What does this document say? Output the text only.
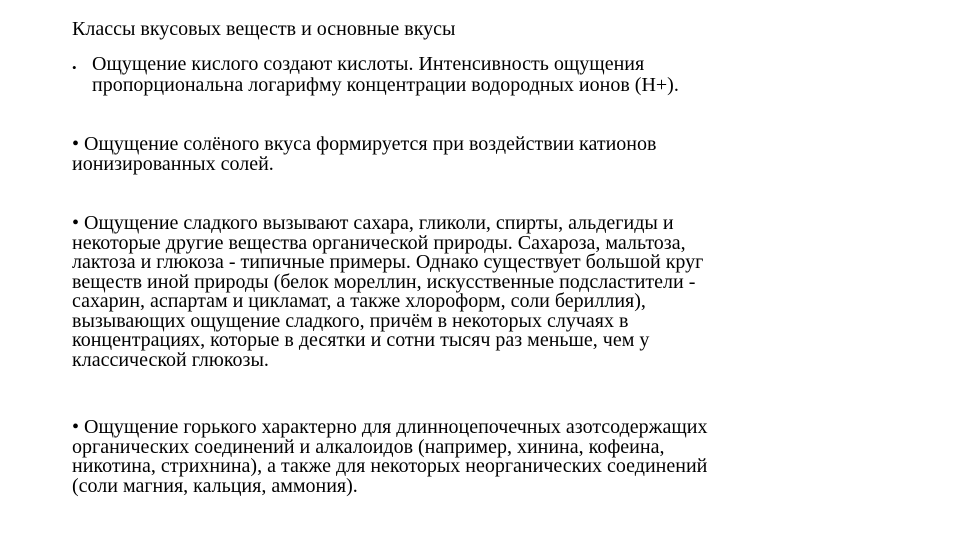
Классы вкусовых веществ и основные вкусы
• Ощущение кислого создают кислоты. Интенсивность ощущения
пропорциональна логарифму концентрации водородных ионов (H+).
• Ощущение солёного вкуса формируется при воздействии катионов
ионизированных солей.
• Ощущение сладкого вызывают сахара, гликоли, спирты, альдегиды и
некоторые другие вещества органической природы. Сахароза, мальтоза,
лактоза и глюкоза - типичные примеры. Однако существует большой круг
веществ иной природы (белок мореллин, искусственные подсластители -
сахарин, аспартам и цикламат, а также хлороформ, соли бериллия),
вызывающих ощущение сладкого, причём в некоторых случаях в
концентрациях, которые в десятки и сотни тысяч раз меньше, чем у
классической глюкозы.
• Ощущение горького характерно для длинноцепочечных азотсодержащих
органических соединений и алкалоидов (например, хинина, кофеина,
никотина, стрихнина), а также для некоторых неорганических соединений
(соли магния, кальция, аммония).
